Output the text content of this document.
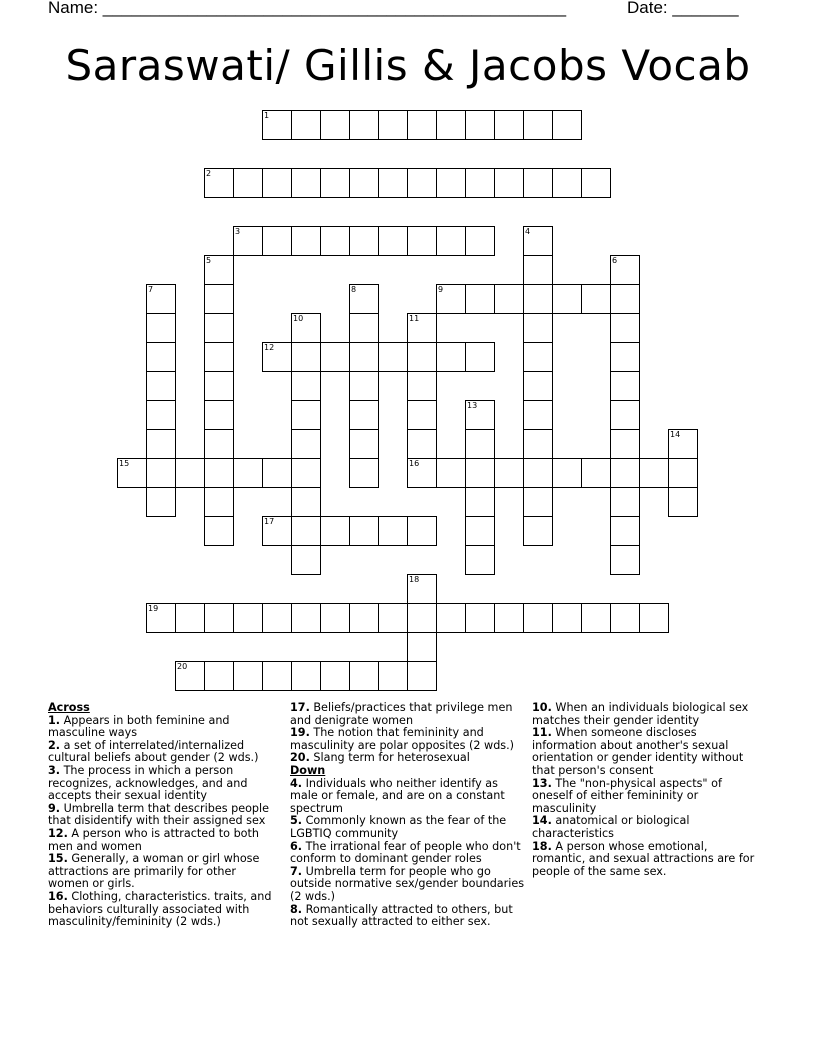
Name: _________________________________________________	Date: _______
Saraswati/ Gillis & Jacobs Vocab
1
2
3	4
5	6
7	8	9
10	11
16
12
13
14
15
17
18
19
20
Across
1. Appears in both feminine and masculine ways
2. a set of interrelated/internalized cultural beliefs about gender (2 wds.)
3. The process in which a person recognizes, acknowledges, and and accepts their sexual identity
9. Umbrella term that describes people that disidentify with their assigned sex
12. A person who is attracted to both men and women
15. Generally, a woman or girl whose attractions are primarily for other women or girls.
16. Clothing, characteristics. traits, and behaviors culturally associated with masculinity/femininity (2 wds.)
17. Beliefs/practices that privilege men and denigrate women
19. The notion that femininity and masculinity are polar opposites (2 wds.)
20. Slang term for heterosexual
Down
4. Individuals who neither identify as male or female, and are on a constant spectrum
5. Commonly known as the fear of the LGBTIQ community
6. The irrational fear of people who don't conform to dominant gender roles
7. Umbrella term for people who go outside normative sex/gender boundaries (2 wds.)
8. Romantically attracted to others, but not sexually attracted to either sex.
10. When an individuals biological sex matches their gender identity
11. When someone discloses information about another's sexual orientation or gender identity without that person's consent
13. The "non-physical aspects" of oneself of either femininity or masculinity
14. anatomical or biological characteristics
18. A person whose emotional, romantic, and sexual attractions are for people of the same sex.
